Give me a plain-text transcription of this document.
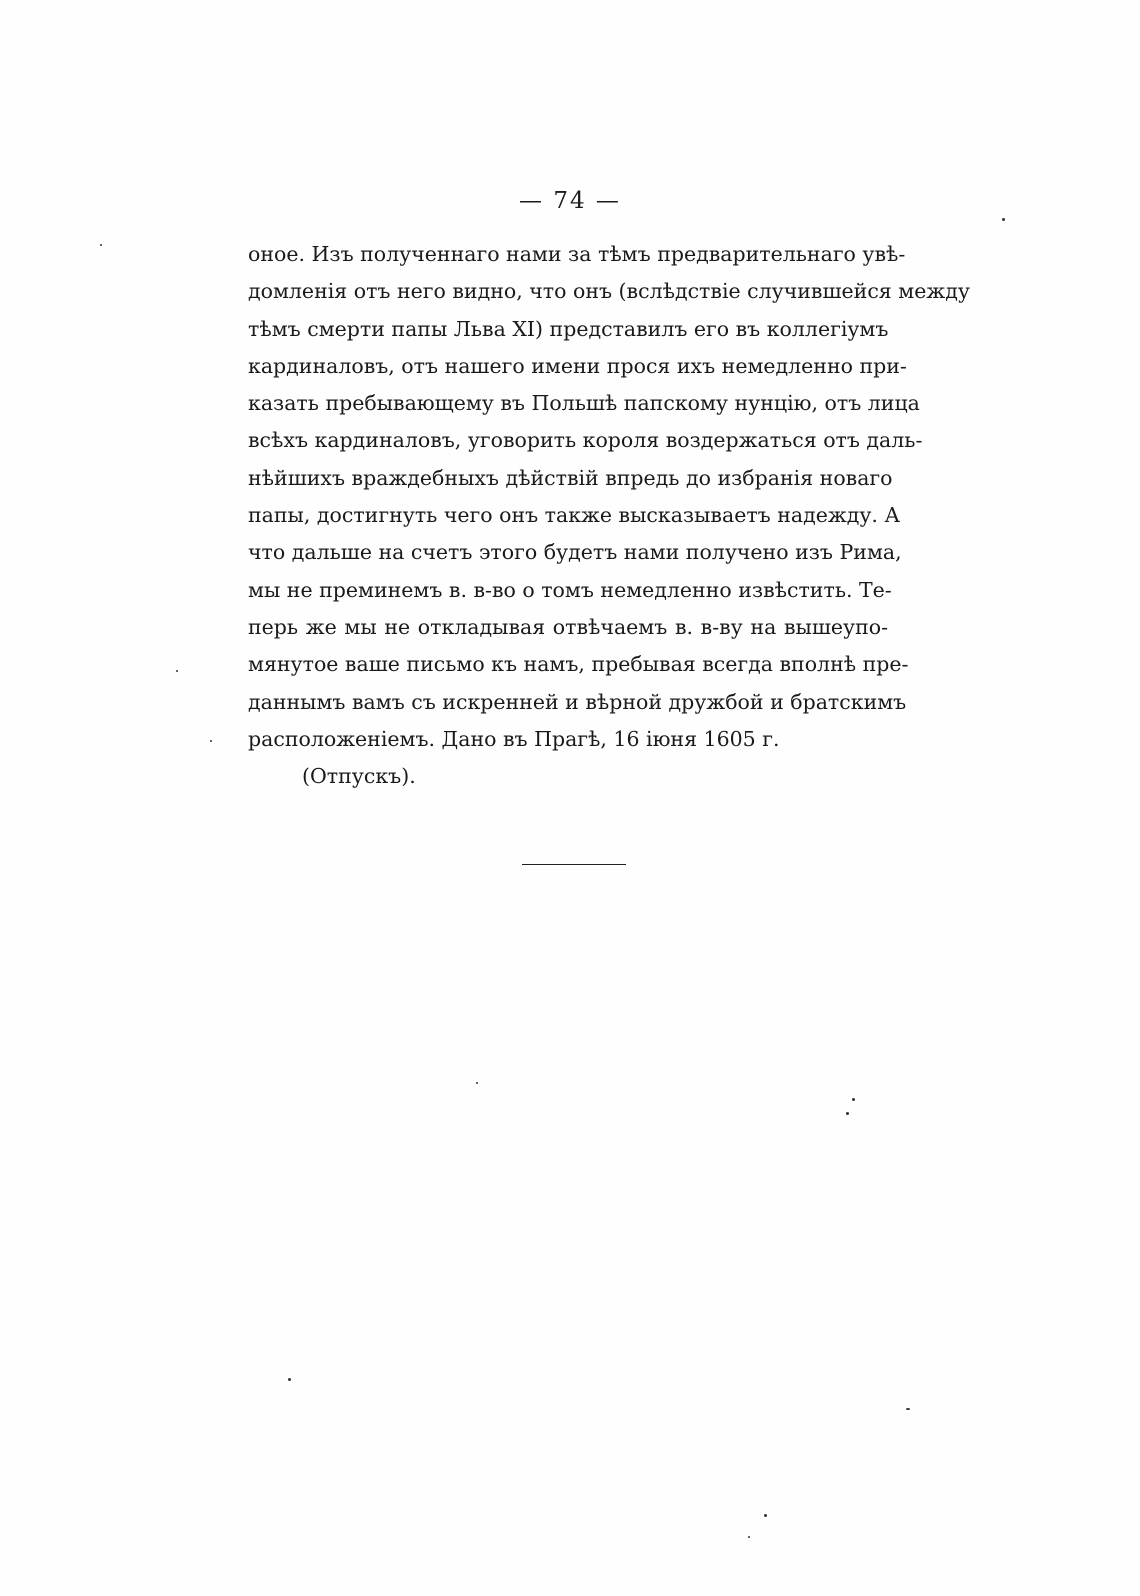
— 74 —
оное. Изъ полученнаго нами за тѣмъ предварительнаго увѣ-
домленія отъ него видно, что онъ (вслѣдствіе случившейся между
тѣмъ смерти папы Льва XI) представилъ его въ коллегіумъ
кардиналовъ, отъ нашего имени прося ихъ немедленно при-
казать пребывающему въ Польшѣ папскому нунцію, отъ лица
всѣхъ кардиналовъ, уговорить короля воздержаться отъ даль-
нѣйшихъ враждебныхъ дѣйствій впредь до избранія новаго
папы, достигнуть чего онъ также высказываетъ надежду. А
что дальше на счетъ этого будетъ нами получено изъ Рима,
мы не преминемъ в. в-во о томъ немедленно извѣстить. Те-
перь же мы не откладывая отвѣчаемъ в. в-ву на вышеупо-
мянутое ваше письмо къ намъ, пребывая всегда вполнѣ пре-
даннымъ вамъ съ искренней и вѣрной дружбой и братскимъ
расположеніемъ. Дано въ Прагѣ, 16 іюня 1605 г.
(Отпускъ).
